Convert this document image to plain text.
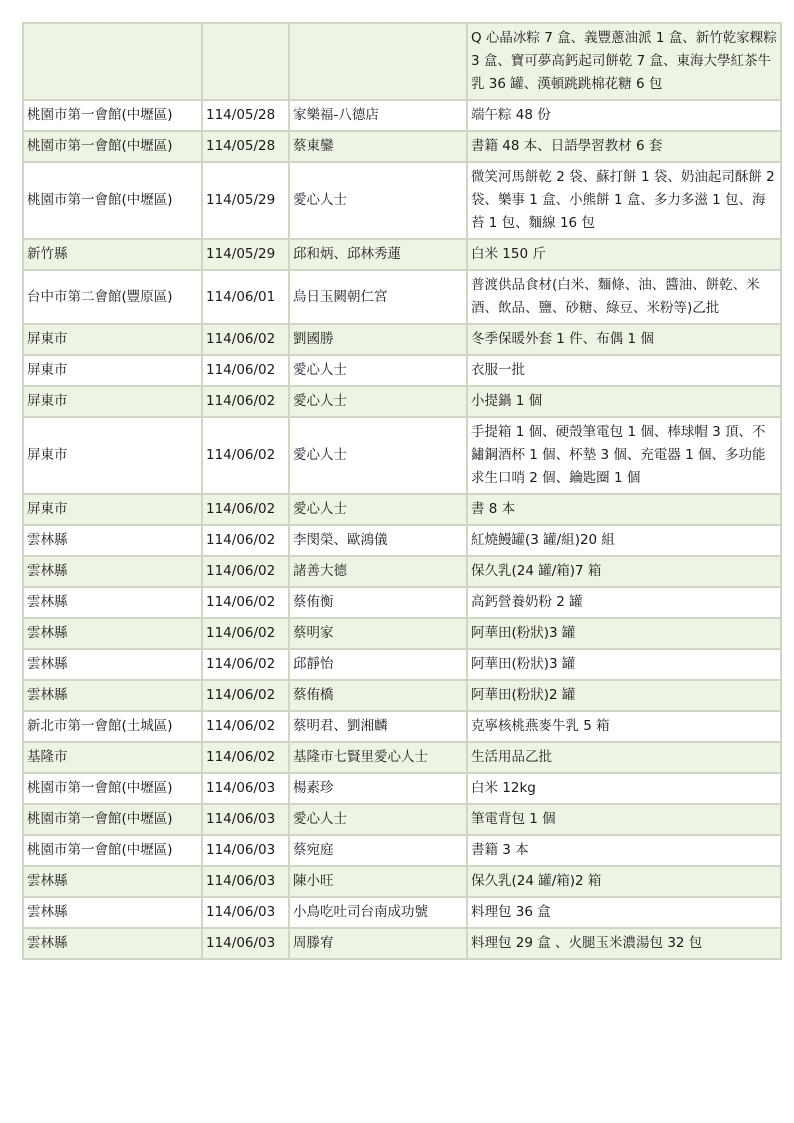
			Q 心晶冰粽 7 盒、義豐蔥油派 1 盒、新竹乾家粿粽 3 盒、寶可夢高鈣起司餅乾 7 盒、東海大學紅茶牛乳 36 罐、漢頓跳跳棉花糖 6 包
桃園市第一會館(中壢區)	114/05/28	家樂福-八德店	端午粽 48 份
桃園市第一會館(中壢區)	114/05/28	蔡東鑾	書籍 48 本、日語學習教材 6 套
桃園市第一會館(中壢區)	114/05/29	愛心人士	微笑河馬餅乾 2 袋、蘇打餅 1 袋、奶油起司酥餅 2 袋、樂事 1 盒、小熊餅 1 盒、多力多滋 1 包、海苔 1 包、麵線 16 包
新竹縣	114/05/29	邱和炳、邱林秀蓮	白米 150 斤
台中市第二會館(豐原區)	114/06/01	烏日玉闕朝仁宮	普渡供品食材(白米、麵條、油、醬油、餅乾、米酒、飲品、鹽、砂糖、綠豆、米粉等)乙批
屏東市	114/06/02	劉國勝	冬季保暖外套 1 件、布偶 1 個
屏東市	114/06/02	愛心人士	衣服一批
屏東市	114/06/02	愛心人士	小提鍋 1 個
屏東市	114/06/02	愛心人士	手提箱 1 個、硬殼筆電包 1 個、棒球帽 3 頂、不鏽鋼酒杯 1 個、杯墊 3 個、充電器 1 個、多功能求生口哨 2 個、鑰匙圈 1 個
屏東市	114/06/02	愛心人士	書 8 本
雲林縣	114/06/02	李閔榮、歐鴻儀	紅燒鰻罐(3 罐/組)20 組
雲林縣	114/06/02	諸善大德	保久乳(24 罐/箱)7 箱
雲林縣	114/06/02	蔡侑衡	高鈣營養奶粉 2 罐
雲林縣	114/06/02	蔡明家	阿華田(粉狀)3 罐
雲林縣	114/06/02	邱靜怡	阿華田(粉狀)3 罐
雲林縣	114/06/02	蔡侑橋	阿華田(粉狀)2 罐
新北市第一會館(土城區)	114/06/02	蔡明君、劉湘麟	克寧核桃燕麥牛乳 5 箱
基隆市	114/06/02	基隆市七賢里愛心人士	生活用品乙批
桃園市第一會館(中壢區)	114/06/03	楊素珍	白米 12kg
桃園市第一會館(中壢區)	114/06/03	愛心人士	筆電背包 1 個
桃園市第一會館(中壢區)	114/06/03	蔡宛庭	書籍 3 本
雲林縣	114/06/03	陳小旺	保久乳(24 罐/箱)2 箱
雲林縣	114/06/03	小鳥吃吐司台南成功號	料理包 36 盒
雲林縣	114/06/03	周滕宥	料理包 29 盒 、火腿玉米濃湯包 32 包
